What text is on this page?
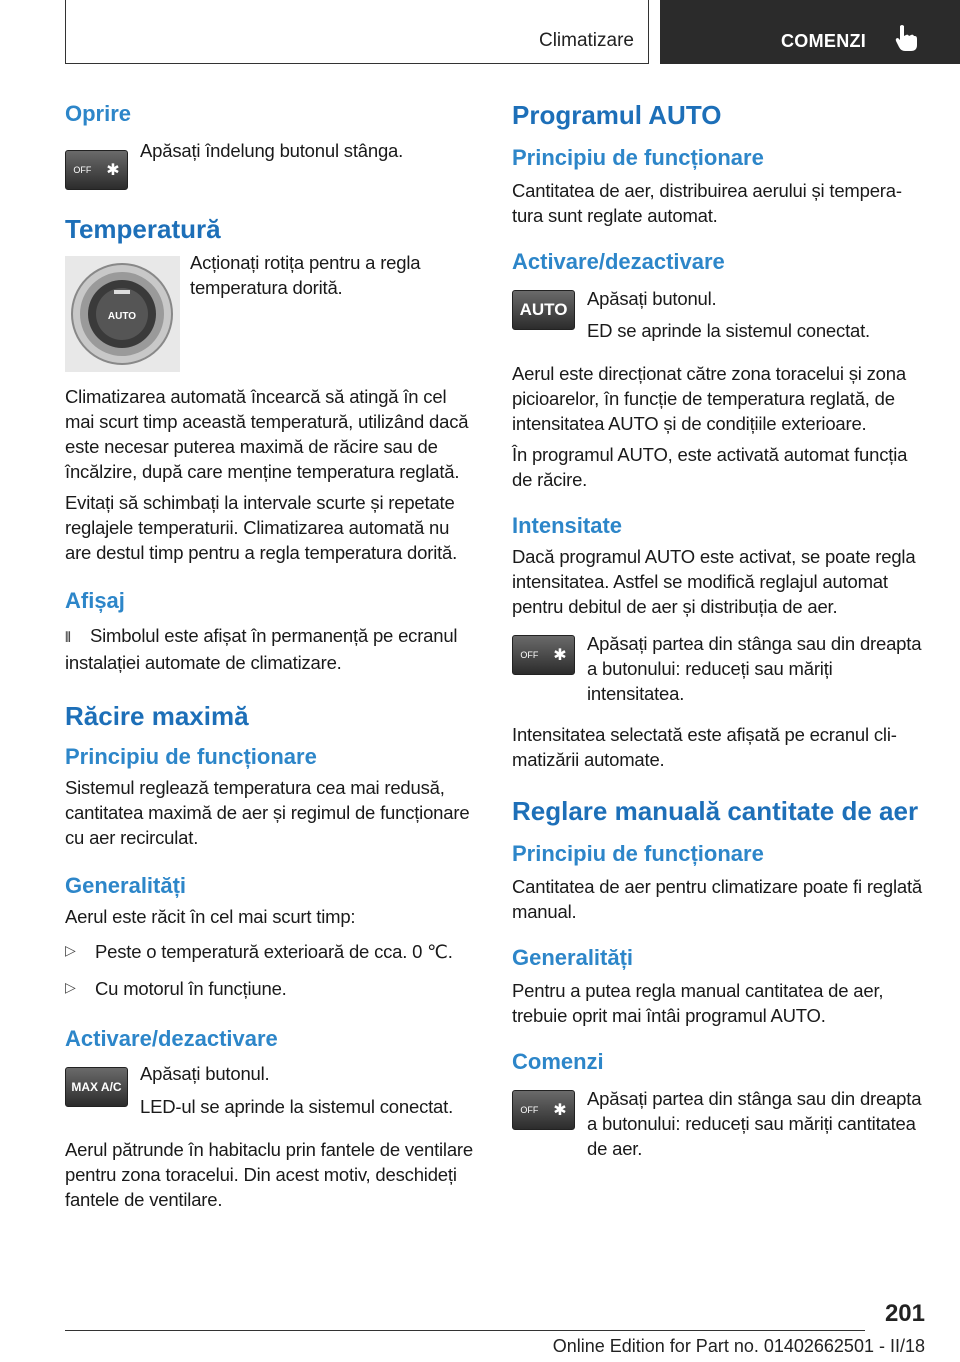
Climatizare	COMENZI
Oprire
OFF ✱

Apăsați îndelung butonul stânga.

Temperatură
AUTO

Acționați rotița pentru a regla temperatura dorită.

Climatizarea automată încearcă să atingă în cel mai scurt timp această temperatură, utilizând dacă este necesar puterea maximă de răcire sau de încălzire, după care menține temperatura reglată.

Evitați să schimbați la intervale scurte și repetate reglajele temperaturii. Climatizarea automată nu are destul timp pentru a regla temperatura dorită.

Afișaj

⫴ Simbolul este afișat în permanență pe ecranul instalației automate de climatizare.

Răcire maximă
Principiu de funcționare

Sistemul reglează temperatura cea mai redusă, cantitatea maximă de aer și regimul de funcționare cu aer recirculat.

Generalități

Aerul este răcit în cel mai scurt timp:

▷	Peste o temperatură exterioară de cca. 0 ℃.

▷	Cu motorul în funcțiune.

Activare/dezactivare
MAX A/C

Apăsați butonul.

LED-ul se aprinde la sistemul conectat.

Aerul pătrunde în habitaclu prin fantele de ventilare pentru zona toracelui. Din acest motiv, deschideți fantele de ventilare.

Programul AUTO
Principiu de funcționare

Cantitatea de aer, distribuirea aerului și temperatura sunt reglate automat.

Activare/dezactivare
AUTO

Apăsați butonul.

ED se aprinde la sistemul conectat.

Aerul este direcționat către zona toracelui și zona picioarelor, în funcție de temperatura reglată, de intensitatea AUTO și de condițiile exterioare.

În programul AUTO, este activată automat funcția de răcire.

Intensitate

Dacă programul AUTO este activat, se poate regla intensitatea. Astfel se modifică reglajul automat pentru debitul de aer și distribuția de aer.

OFF ✱

Apăsați partea din stânga sau din dreapta a butonului: reduceți sau măriți intensitatea.

Intensitatea selectată este afișată pe ecranul climatizării automate.

Reglare manuală cantitate de aer
Principiu de funcționare

Cantitatea de aer pentru climatizare poate fi reglată manual.

Generalități

Pentru a putea regla manual cantitatea de aer, trebuie oprit mai întâi programul AUTO.

Comenzi
OFF ✱

Apăsați partea din stânga sau din dreapta a butonului: reduceți sau măriți cantitatea de aer.

201
Online Edition for Part no. 01402662501 - II/18
